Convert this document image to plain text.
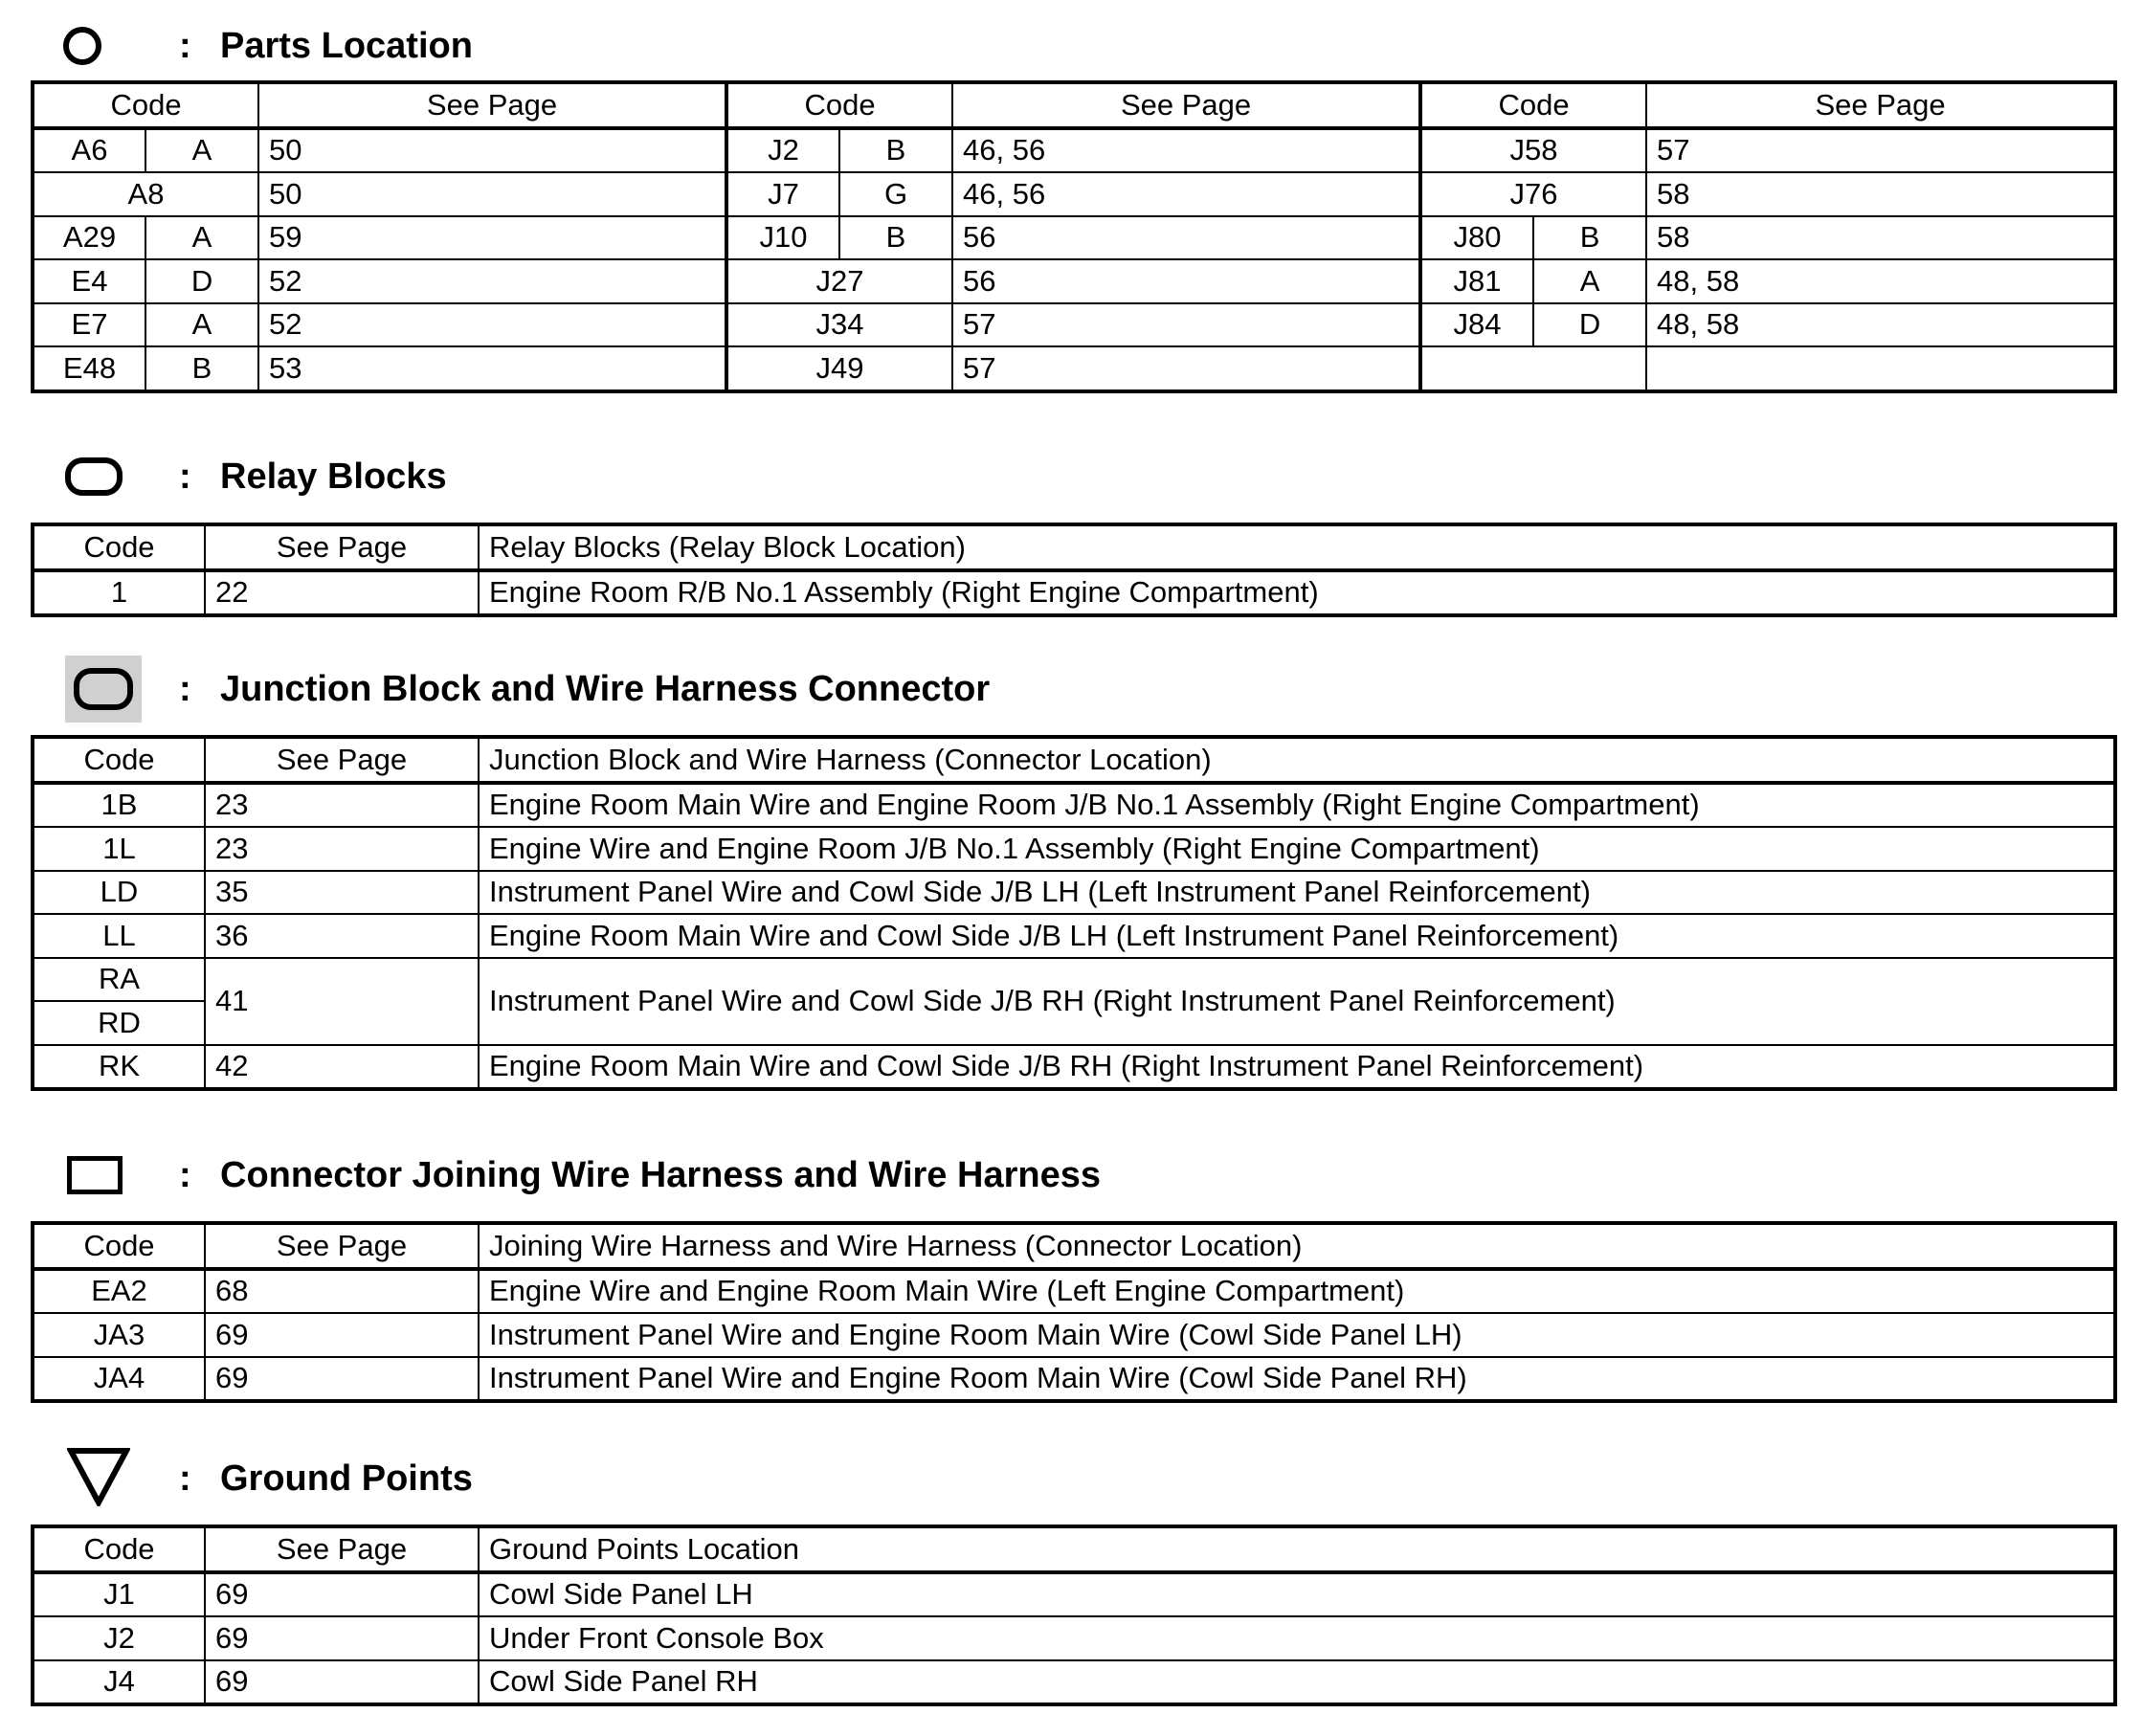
: Parts Location
Code		See Page	Code		See Page	Code		See Page
A6	A	50	J2	B	46, 56	J58		57
A8		50	J7	G	46, 56	J76		58
A29	A	59	J10	B	56	J80	B	58
E4	D	52	J27		56	J81	A	48, 58
E7	A	52	J34		57	J84	D	48, 58
E48	B	53	J49		57			
: Relay Blocks
Code	See Page	Relay Blocks (Relay Block Location)
1	22	Engine Room R/B No.1 Assembly (Right Engine Compartment)
: Junction Block and Wire Harness Connector
Code	See Page	Junction Block and Wire Harness (Connector Location)
1B	23	Engine Room Main Wire and Engine Room J/B No.1 Assembly (Right Engine Compartment)
1L	23	Engine Wire and Engine Room J/B No.1 Assembly (Right Engine Compartment)
LD	35	Instrument Panel Wire and Cowl Side J/B LH (Left Instrument Panel Reinforcement)
LL	36	Engine Room Main Wire and Cowl Side J/B LH (Left Instrument Panel Reinforcement)
RA	41	Instrument Panel Wire and Cowl Side J/B RH (Right Instrument Panel Reinforcement)
RD		
RK	42	Engine Room Main Wire and Cowl Side J/B RH (Right Instrument Panel Reinforcement)
: Connector Joining Wire Harness and Wire Harness
Code	See Page	Joining Wire Harness and Wire Harness (Connector Location)
EA2	68	Engine Wire and Engine Room Main Wire (Left Engine Compartment)
JA3	69	Instrument Panel Wire and Engine Room Main Wire (Cowl Side Panel LH)
JA4	69	Instrument Panel Wire and Engine Room Main Wire (Cowl Side Panel RH)
: Ground Points
Code	See Page	Ground Points Location
J1	69	Cowl Side Panel LH
J2	69	Under Front Console Box
J4	69	Cowl Side Panel RH
